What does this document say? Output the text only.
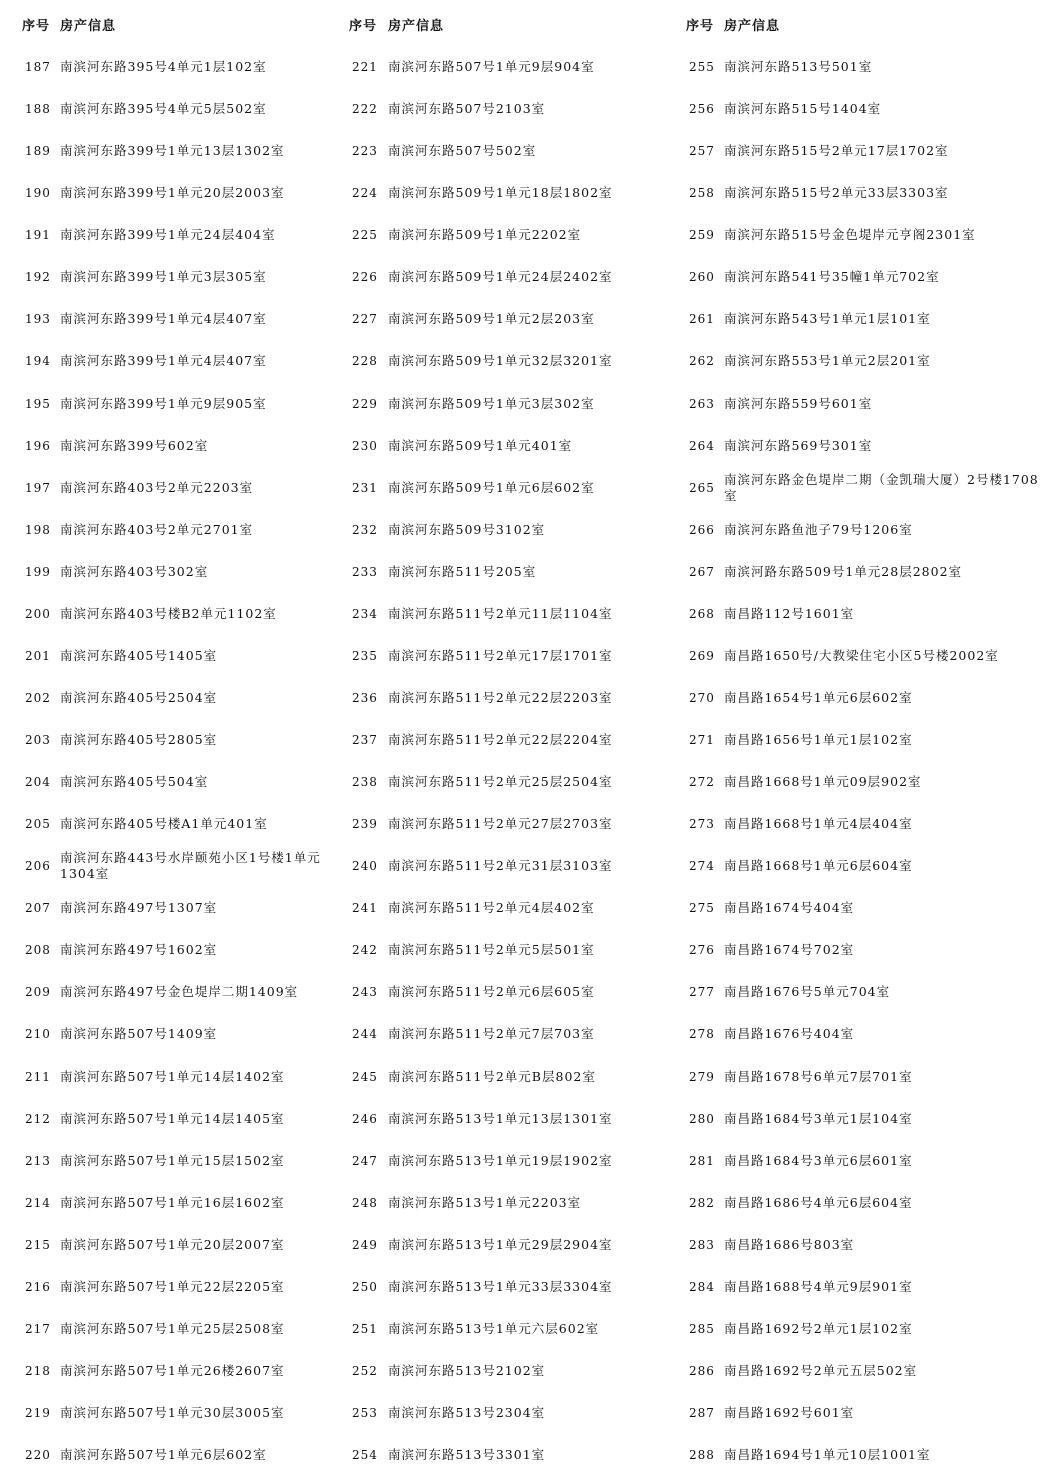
序号 房产信息
187 南滨河东路395号4单元1层102室
188 南滨河东路395号4单元5层502室
189 南滨河东路399号1单元13层1302室
190 南滨河东路399号1单元20层2003室
191 南滨河东路399号1单元24层404室
192 南滨河东路399号1单元3层305室
193 南滨河东路399号1单元4层407室
194 南滨河东路399号1单元4层407室
195 南滨河东路399号1单元9层905室
196 南滨河东路399号602室
197 南滨河东路403号2单元2203室
198 南滨河东路403号2单元2701室
199 南滨河东路403号302室
200 南滨河东路403号楼B2单元1102室
201 南滨河东路405号1405室
202 南滨河东路405号2504室
203 南滨河东路405号2805室
204 南滨河东路405号504室
205 南滨河东路405号楼A1单元401室
206
南滨河东路443号水岸颐苑小区1号楼1单元1304室
207 南滨河东路497号1307室
208 南滨河东路497号1602室
209 南滨河东路497号金色堤岸二期1409室
210 南滨河东路507号1409室
211 南滨河东路507号1单元14层1402室
212 南滨河东路507号1单元14层1405室
213 南滨河东路507号1单元15层1502室
214 南滨河东路507号1单元16层1602室
215 南滨河东路507号1单元20层2007室
216 南滨河东路507号1单元22层2205室
217 南滨河东路507号1单元25层2508室
218 南滨河东路507号1单元26楼2607室
219 南滨河东路507号1单元30层3005室
220 南滨河东路507号1单元6层602室
序号 房产信息
221 南滨河东路507号1单元9层904室
222 南滨河东路507号2103室
223 南滨河东路507号502室
224 南滨河东路509号1单元18层1802室
225 南滨河东路509号1单元2202室
226 南滨河东路509号1单元24层2402室
227 南滨河东路509号1单元2层203室
228 南滨河东路509号1单元32层3201室
229 南滨河东路509号1单元3层302室
230 南滨河东路509号1单元401室
231 南滨河东路509号1单元6层602室
232 南滨河东路509号3102室
233 南滨河东路511号205室
234 南滨河东路511号2单元11层1104室
235 南滨河东路511号2单元17层1701室
236 南滨河东路511号2单元22层2203室
237 南滨河东路511号2单元22层2204室
238 南滨河东路511号2单元25层2504室
239 南滨河东路511号2单元27层2703室
240 南滨河东路511号2单元31层3103室
241 南滨河东路511号2单元4层402室
242 南滨河东路511号2单元5层501室
243 南滨河东路511号2单元6层605室
244 南滨河东路511号2单元7层703室
245 南滨河东路511号2单元B层802室
246 南滨河东路513号1单元13层1301室
247 南滨河东路513号1单元19层1902室
248 南滨河东路513号1单元2203室
249 南滨河东路513号1单元29层2904室
250 南滨河东路513号1单元33层3304室
251 南滨河东路513号1单元六层602室
252 南滨河东路513号2102室
253 南滨河东路513号2304室
254 南滨河东路513号3301室
序号 房产信息
255 南滨河东路513号501室
256 南滨河东路515号1404室
257 南滨河东路515号2单元17层1702室
258 南滨河东路515号2单元33层3303室
259 南滨河东路515号金色堤岸元亨阁2301室
260 南滨河东路541号35幢1单元702室
261 南滨河东路543号1单元1层101室
262 南滨河东路553号1单元2层201室
263 南滨河东路559号601室
264 南滨河东路569号301室
265
南滨河东路金色堤岸二期（金凯瑞大厦）2号楼1708室
266 南滨河东路鱼池子79号1206室
267 南滨河路东路509号1单元28层2802室
268 南昌路112号1601室
269 南昌路1650号/大教梁住宅小区5号楼2002室
270 南昌路1654号1单元6层602室
271 南昌路1656号1单元1层102室
272 南昌路1668号1单元09层902室
273 南昌路1668号1单元4层404室
274 南昌路1668号1单元6层604室
275 南昌路1674号404室
276 南昌路1674号702室
277 南昌路1676号5单元704室
278 南昌路1676号404室
279 南昌路1678号6单元7层701室
280 南昌路1684号3单元1层104室
281 南昌路1684号3单元6层601室
282 南昌路1686号4单元6层604室
283 南昌路1686号803室
284 南昌路1688号4单元9层901室
285 南昌路1692号2单元1层102室
286 南昌路1692号2单元五层502室
287 南昌路1692号601室
288 南昌路1694号1单元10层1001室
